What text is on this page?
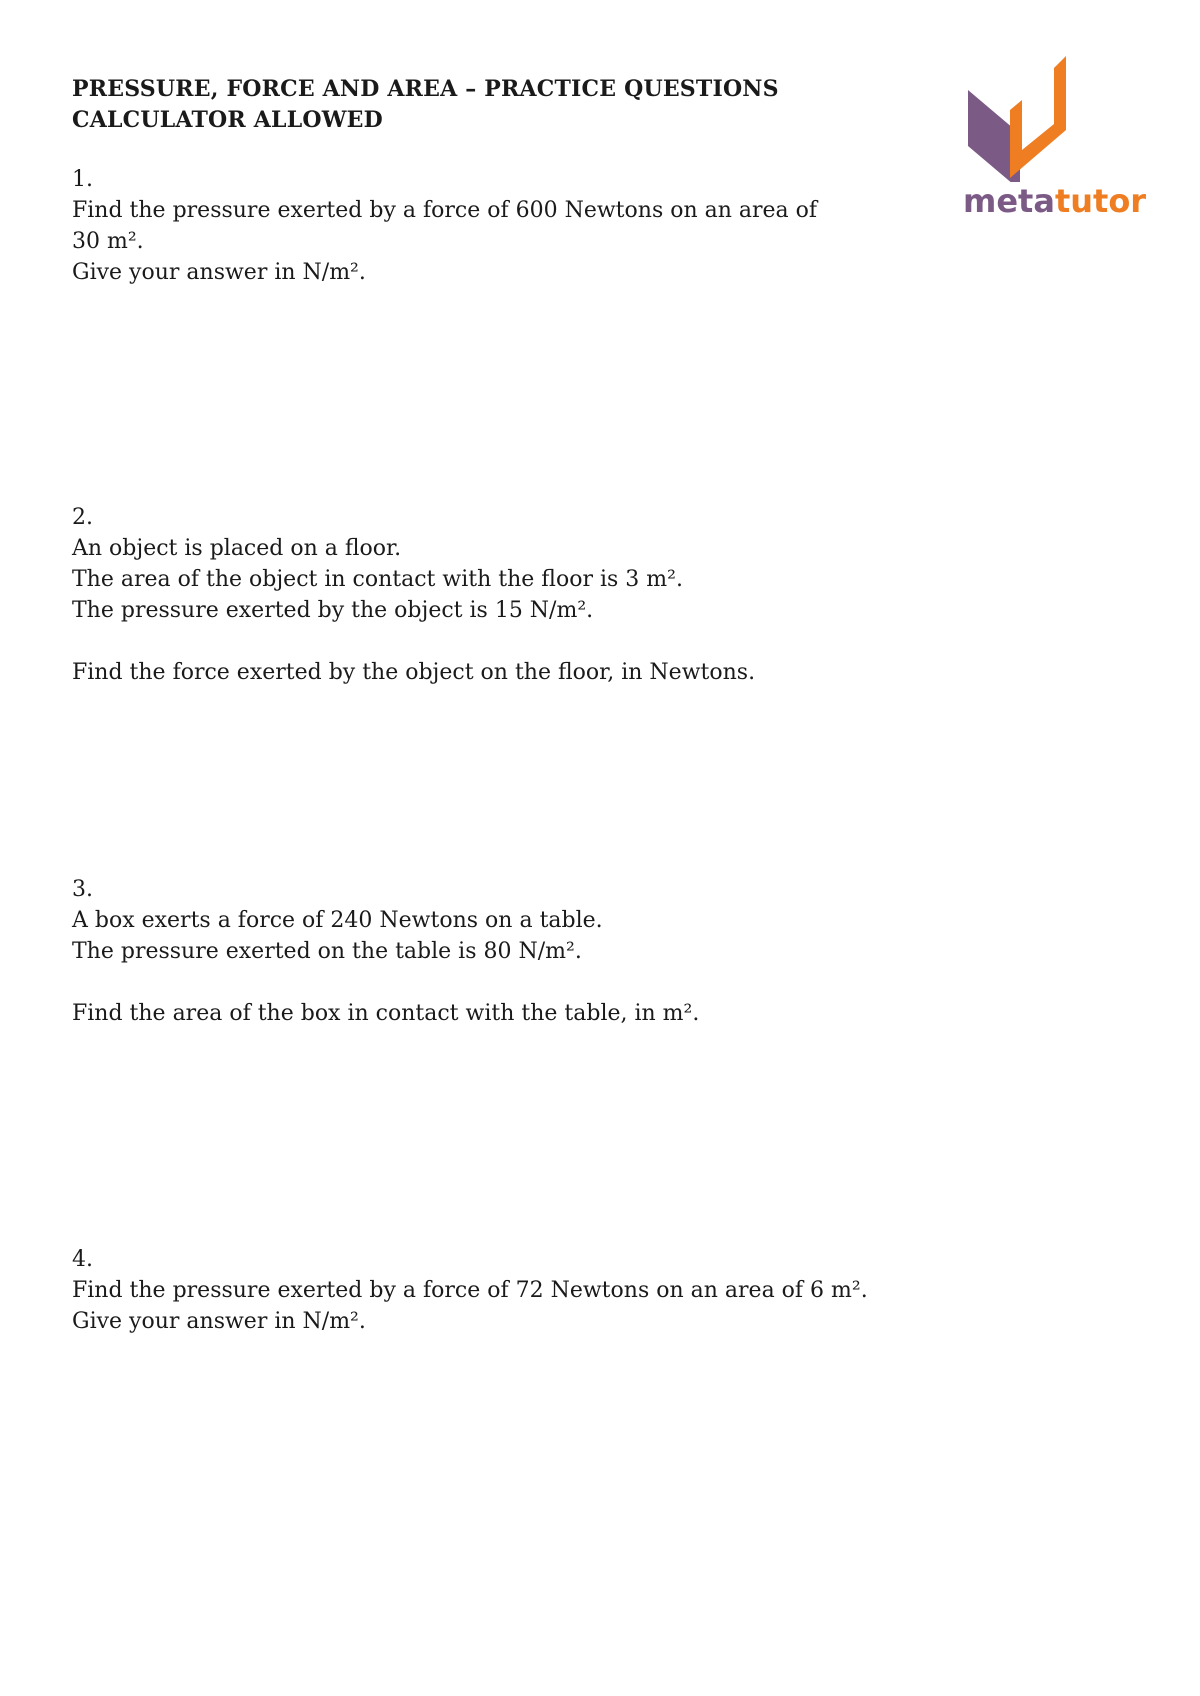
PRESSURE, FORCE AND AREA – PRACTICE QUESTIONS
CALCULATOR ALLOWED
metatutor

1.

Find the pressure exerted by a force of 600 Newtons on an area of

30 m².

Give your answer in N/m².

2.

An object is placed on a floor.

The area of the object in contact with the floor is 3 m².

The pressure exerted by the object is 15 N/m².

Find the force exerted by the object on the floor, in Newtons.

3.

A box exerts a force of 240 Newtons on a table.

The pressure exerted on the table is 80 N/m².

Find the area of the box in contact with the table, in m².

4.

Find the pressure exerted by a force of 72 Newtons on an area of 6 m².

Give your answer in N/m².
